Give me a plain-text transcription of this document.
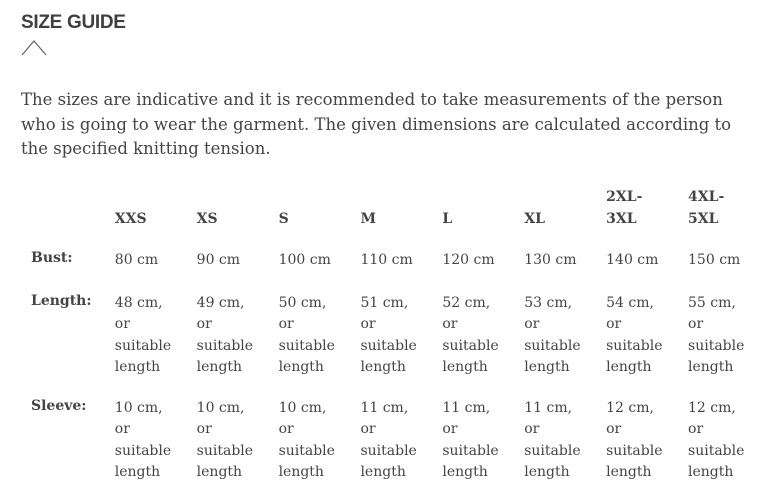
SIZE GUIDE

The sizes are indicative and it is recommended to take measurements of the person who is going to wear the garment. The given dimensions are calculated according to the specified knitting tension.

	XXS	XS	S	M	L	XL	2XL-
3XL	4XL-
5XL
Bust:	80 cm	90 cm	100 cm	110 cm	120 cm	130 cm	140 cm	150 cm
Length:	48 cm,
or
suitable
length	49 cm,
or
suitable
length	50 cm,
or
suitable
length	51 cm,
or
suitable
length	52 cm,
or
suitable
length	53 cm,
or
suitable
length	54 cm,
or
suitable
length	55 cm,
or
suitable
length
Sleeve:	10 cm,
or
suitable
length	10 cm,
or
suitable
length	10 cm,
or
suitable
length	11 cm,
or
suitable
length	11 cm,
or
suitable
length	11 cm,
or
suitable
length	12 cm,
or
suitable
length	12 cm,
or
suitable
length
